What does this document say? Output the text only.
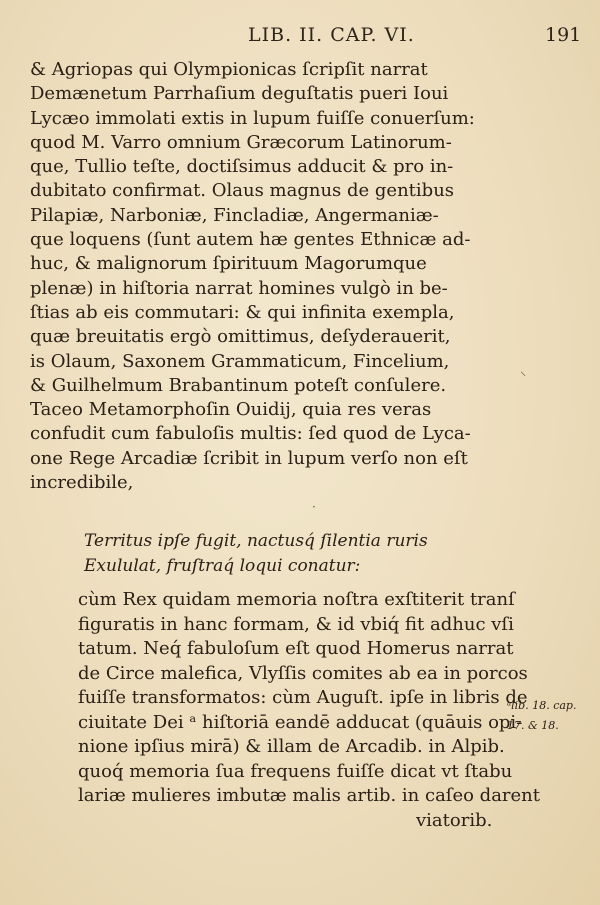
LIB. II. CAP. VI.	191
& Agriopas qui Olympionicas ſcripſit narrat
Demænetum Parrhaſium deguſtatis pueri Ioui
Lycæo immolati extis in lupum fuiſſe conuerſum:
quod M. Varro omnium Græcorum Latinorum-
que, Tullio teſte, doctiſsimus adducit & pro in-
dubitato confirmat. Olaus magnus de gentibus
Pilapiæ, Narboniæ, Fincladiæ, Angermaniæ-
que loquens (ſunt autem hæ gentes Ethnicæ ad-
huc, & malignorum ſpirituum Magorumque
plenæ) in hiſtoria narrat homines vulgò in be-
ſtias ab eis commutari: & qui infinita exempla,
quæ breuitatis ergò omittimus, deſyderauerit,
is Olaum, Saxonem Grammaticum, Fincelium,
& Guilhelmum Brabantinum poteſt conſulere.
Taceo Metamorphoſin Ouidij, quia res veras
confudit cum fabuloſis multis: ſed quod de Lyca-
one Rege Arcadiæ ſcribit in lupum verſo non eſt
incredibile,
Territus ipſe fugit, nactusq́ ſilentia ruris
Exululat, fruſtraq́ loqui conatur:
cùm Rex quidam memoria noſtra exſtiterit tranſ
figuratis in hanc formam, & id vbiq́ fit adhuc vſi
tatum. Neq́ fabuloſum eſt quod Homerus narrat
de Circe malefica, Vlyſſis comites ab ea in porcos
fuiſſe transformatos: cùm Auguſt. ipſe in libris de
ciuitate Dei ᵃ hiſtoriā eandē adducat (quāuis opi-
nione ipſius mirā) & illam de Arcadib. in Alpib.
quoq́ memoria ſua frequens fuiſſe dicat vt ſtabu
lariæ mulieres imbutæ malis artib. in caſeo darent
viatorib.
ᵃlib. 18. cap.
17. & 18.
⸜
·
